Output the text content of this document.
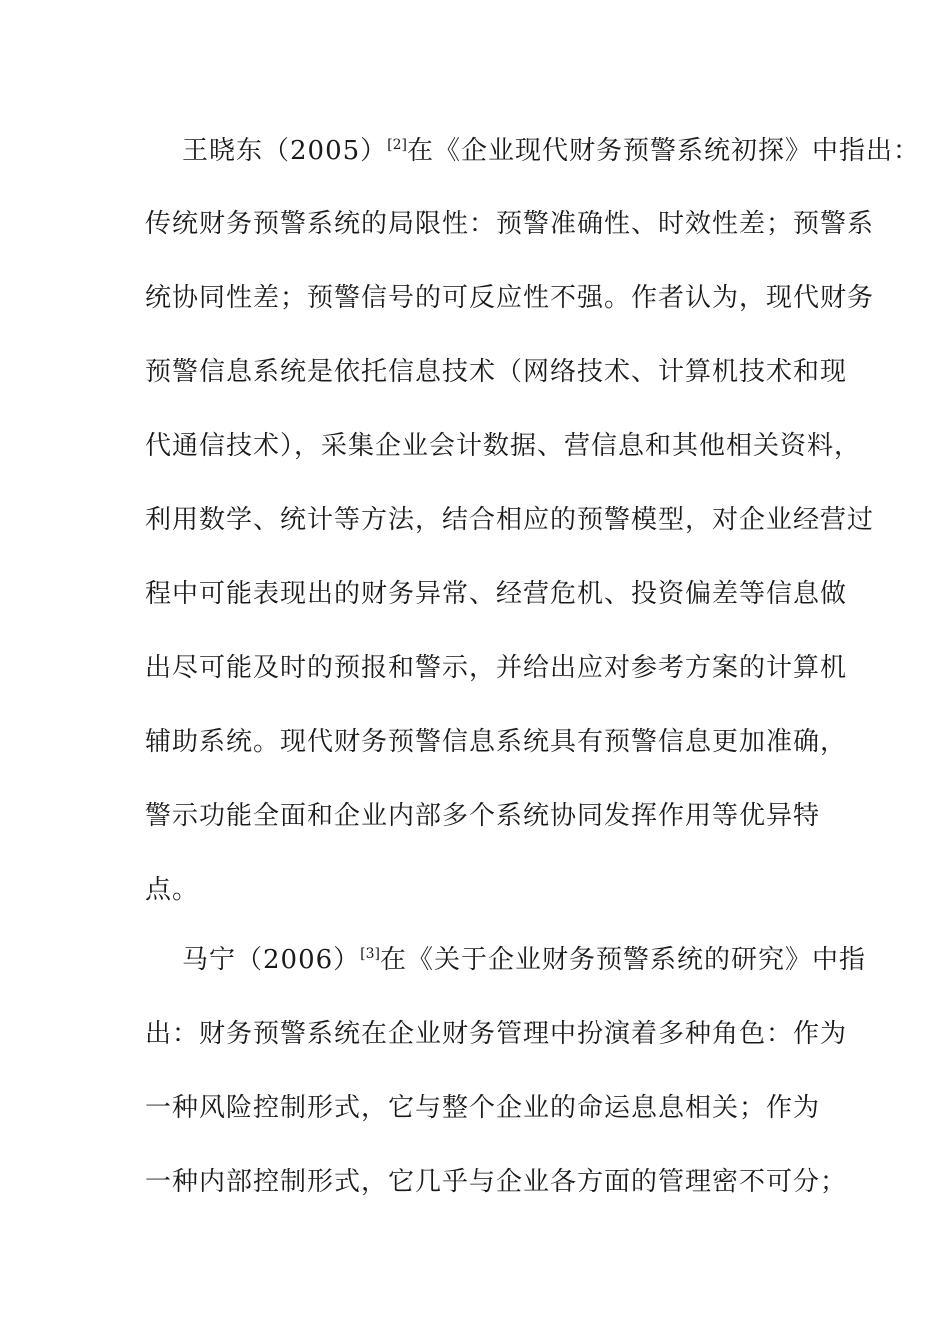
王晓东（2005）[2]在《企业现代财务预警系统初探》中指出：
传统财务预警系统的局限性：预警准确性、时效性差；预警系
统协同性差；预警信号的可反应性不强。作者认为，现代财务
预警信息系统是依托信息技术（网络技术、计算机技术和现
代通信技术），采集企业会计数据、营信息和其他相关资料，
利用数学、统计等方法，结合相应的预警模型，对企业经营过
程中可能表现出的财务异常、经营危机、投资偏差等信息做
出尽可能及时的预报和警示，并给出应对参考方案的计算机
辅助系统。现代财务预警信息系统具有预警信息更加准确，
警示功能全面和企业内部多个系统协同发挥作用等优异特
点。
马宁（2006）[3]在《关于企业财务预警系统的研究》中指
出：财务预警系统在企业财务管理中扮演着多种角色：作为
一种风险控制形式，它与整个企业的命运息息相关；作为
一种内部控制形式，它几乎与企业各方面的管理密不可分；
